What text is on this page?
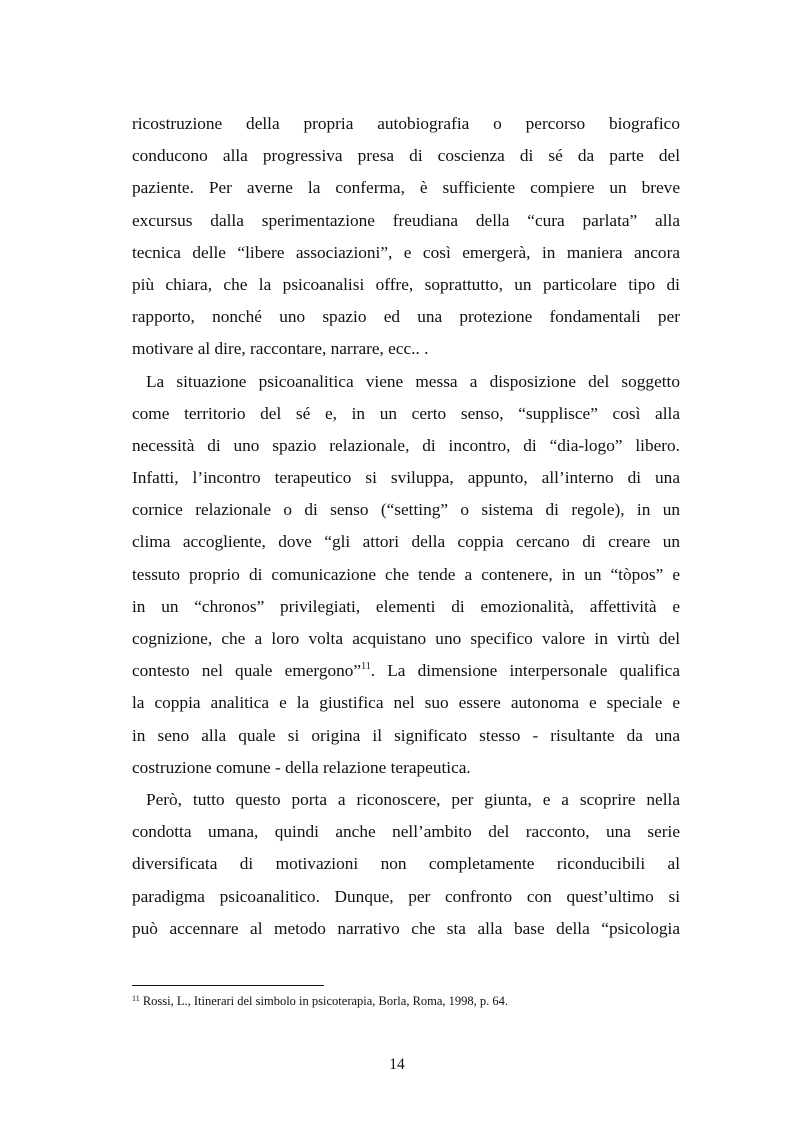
ricostruzione della propria autobiografia o percorso biografico
conducono alla progressiva presa di coscienza di sé da parte del
paziente. Per averne la conferma, è sufficiente compiere un breve
excursus dalla sperimentazione freudiana della “cura parlata” alla
tecnica delle “libere associazioni”, e così emergerà, in maniera ancora
più chiara, che la psicoanalisi offre, soprattutto, un particolare tipo di
rapporto, nonché uno spazio ed una protezione fondamentali per
motivare al dire, raccontare, narrare, ecc.. .
La situazione psicoanalitica viene messa a disposizione del soggetto
come territorio del sé e, in un certo senso, “supplisce” così alla
necessità di uno spazio relazionale, di incontro, di “dia-logo” libero.
Infatti, l’incontro terapeutico si sviluppa, appunto, all’interno di una
cornice relazionale o di senso (“setting” o sistema di regole), in un
clima accogliente, dove “gli attori della coppia cercano di creare un
tessuto proprio di comunicazione che tende a contenere, in un “tòpos” e
in un “chronos” privilegiati, elementi di emozionalità, affettività e
cognizione, che a loro volta acquistano uno specifico valore in virtù del
contesto nel quale emergono”$^{11}$. La dimensione interpersonale qualifica
la coppia analitica e la giustifica nel suo essere autonoma e speciale e
in seno alla quale si origina il significato stesso - risultante da una
costruzione comune - della relazione terapeutica.
Però, tutto questo porta a riconoscere, per giunta, e a scoprire nella
condotta umana, quindi anche nell’ambito del racconto, una serie
diversificata di motivazioni non completamente riconducibili al
paradigma psicoanalitico. Dunque, per confronto con quest’ultimo si
può accennare al metodo narrativo che sta alla base della “psicologia
$^{11}$ Rossi, L., Itinerari del simbolo in psicoterapia, Borla, Roma, 1998, p. 64.
14
